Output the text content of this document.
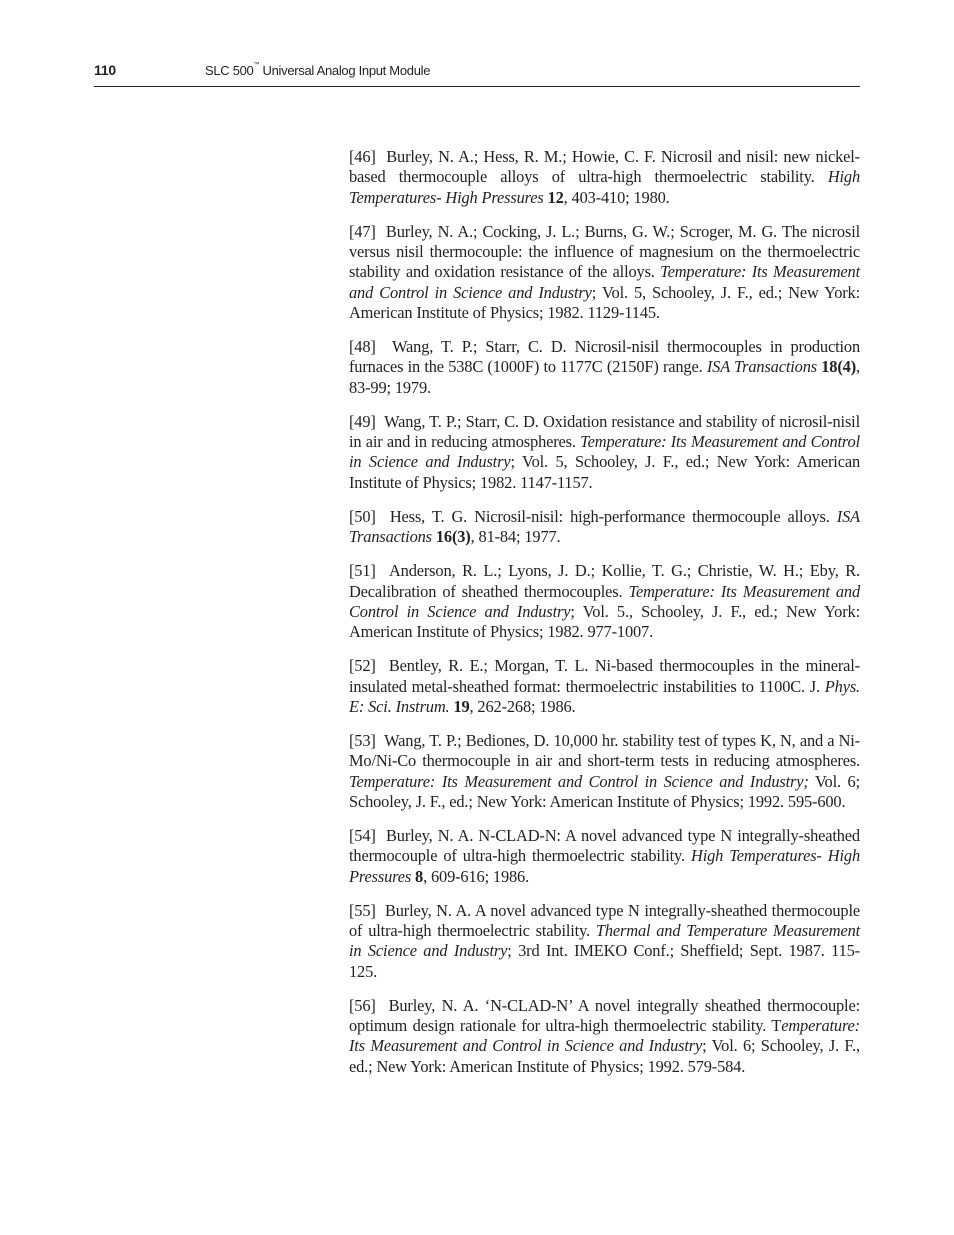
110	SLC 500™ Universal Analog Input Module

[46] Burley, N. A.; Hess, R. M.; Howie, C. F. Nicrosil and nisil: new nickel-based thermocouple alloys of ultra-high thermoelectric stability. High Temperatures- High Pressures 12, 403-410; 1980.

[47] Burley, N. A.; Cocking, J. L.; Burns, G. W.; Scroger, M. G. The nicrosil versus nisil thermocouple: the influence of magnesium on the thermoelectric stability and oxidation resistance of the alloys. Temperature: Its Measurement and Control in Science and Industry; Vol. 5, Schooley, J. F., ed.; New York: American Institute of Physics; 1982. 1129-1145.

[48] Wang, T. P.; Starr, C. D. Nicrosil-nisil thermocouples in production furnaces in the 538C (1000F) to 1177C (2150F) range. ISA Transactions 18(4), 83-99; 1979.

[49] Wang, T. P.; Starr, C. D. Oxidation resistance and stability of nicrosil-nisil in air and in reducing atmospheres. Temperature: Its Measurement and Control in Science and Industry; Vol. 5, Schooley, J. F., ed.; New York: American Institute of Physics; 1982. 1147-1157.

[50] Hess, T. G. Nicrosil-nisil: high-performance thermocouple alloys. ISA Transactions 16(3), 81-84; 1977.

[51] Anderson, R. L.; Lyons, J. D.; Kollie, T. G.; Christie, W. H.; Eby, R. Decalibration of sheathed thermocouples. Temperature: Its Measurement and Control in Science and Industry; Vol. 5., Schooley, J. F., ed.; New York: American Institute of Physics; 1982. 977-1007.

[52] Bentley, R. E.; Morgan, T. L. Ni-based thermocouples in the mineral-insulated metal-sheathed format: thermoelectric instabilities to 1100C. J. Phys. E: Sci. Instrum. 19, 262-268; 1986.

[53] Wang, T. P.; Bediones, D. 10,000 hr. stability test of types K, N, and a Ni-Mo/Ni-Co thermocouple in air and short-term tests in reducing atmospheres. Temperature: Its Measurement and Control in Science and Industry; Vol. 6; Schooley, J. F., ed.; New York: American Institute of Physics; 1992. 595-600.

[54] Burley, N. A. N-CLAD-N: A novel advanced type N integrally-sheathed thermocouple of ultra-high thermoelectric stability. High Temperatures- High Pressures 8, 609-616; 1986.

[55] Burley, N. A. A novel advanced type N integrally-sheathed thermocouple of ultra-high thermoelectric stability. Thermal and Temperature Measurement in Science and Industry; 3rd Int. IMEKO Conf.; Sheffield; Sept. 1987. 115-125.

[56] Burley, N. A. ‘N-CLAD-N’ A novel integrally sheathed thermocouple: optimum design rationale for ultra-high thermoelectric stability. Temperature: Its Measurement and Control in Science and Industry; Vol. 6; Schooley, J. F., ed.; New York: American Institute of Physics; 1992. 579-584.
